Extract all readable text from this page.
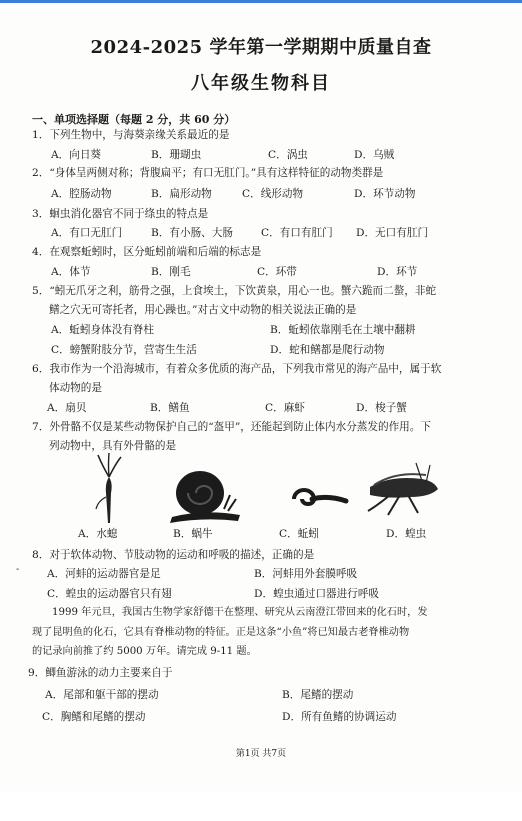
2024-2025 学年第一学期期中质量自查
八年级生物科目
一、单项选择题（每题 2 分，共 60 分）
1．下列生物中，与海葵亲缘关系最近的是
A．向日葵	B．珊瑚虫	C．涡虫	D．乌贼
2．“身体呈两侧对称；背腹扁平；有口无肛门。”具有这样特征的动物类群是
A．腔肠动物	B．扁形动物	C．线形动物	D．环节动物
3．蛔虫消化器官不同于绦虫的特点是
A．有口无肛门	B．有小肠、大肠	C．有口有肛门 D．无口有肛门
4．在观察蚯蚓时，区分蚯蚓前端和后端的标志是
A．体节	B．刚毛	C．环带	D．环节
5．“蚓无爪牙之利，筋骨之强，上食埃土，下饮黄泉，用心一也。蟹六跪而二螯，非蛇
鳝之穴无可寄托者，用心躁也。”对古文中动物的相关说法正确的是
A．蚯蚓身体没有脊柱	B．蚯蚓依靠刚毛在土壤中翻耕
C．螃蟹附肢分节，营寄生生活	D．蛇和鳝都是爬行动物
6．我市作为一个沿海城市，有着众多优质的海产品，下列我市常见的海产品中，属于软
体动物的是
A．扇贝	B．鳝鱼	C．麻虾	D．梭子蟹
7．外骨骼不仅是某些动物保护自己的“盔甲”，还能起到防止体内水分蒸发的作用。下
列动物中，具有外骨骼的是
A．水螅	B．蜗牛	C．蚯蚓	D．蝗虫
8．对于软体动物、节肢动物的运动和呼吸的描述，正确的是
-	A．河蚌的运动器官是足	B．河蚌用外套膜呼吸
C．蝗虫的运动器官只有翅	D．蝗虫通过口器进行呼吸
1999 年元旦，我国古生物学家舒德干在整理、研究从云南澄江带回来的化石时，发
现了昆明鱼的化石，它具有脊椎动物的特征。正是这条“小鱼”将已知最古老脊椎动物
的记录向前推了约 5000 万年。请完成 9-11 题。
9．鲫鱼游泳的动力主要来自于
A．尾部和躯干部的摆动	B．尾鳍的摆动
C．胸鳍和尾鳍的摆动	D．所有鱼鳍的协调运动
第1页 共7页
